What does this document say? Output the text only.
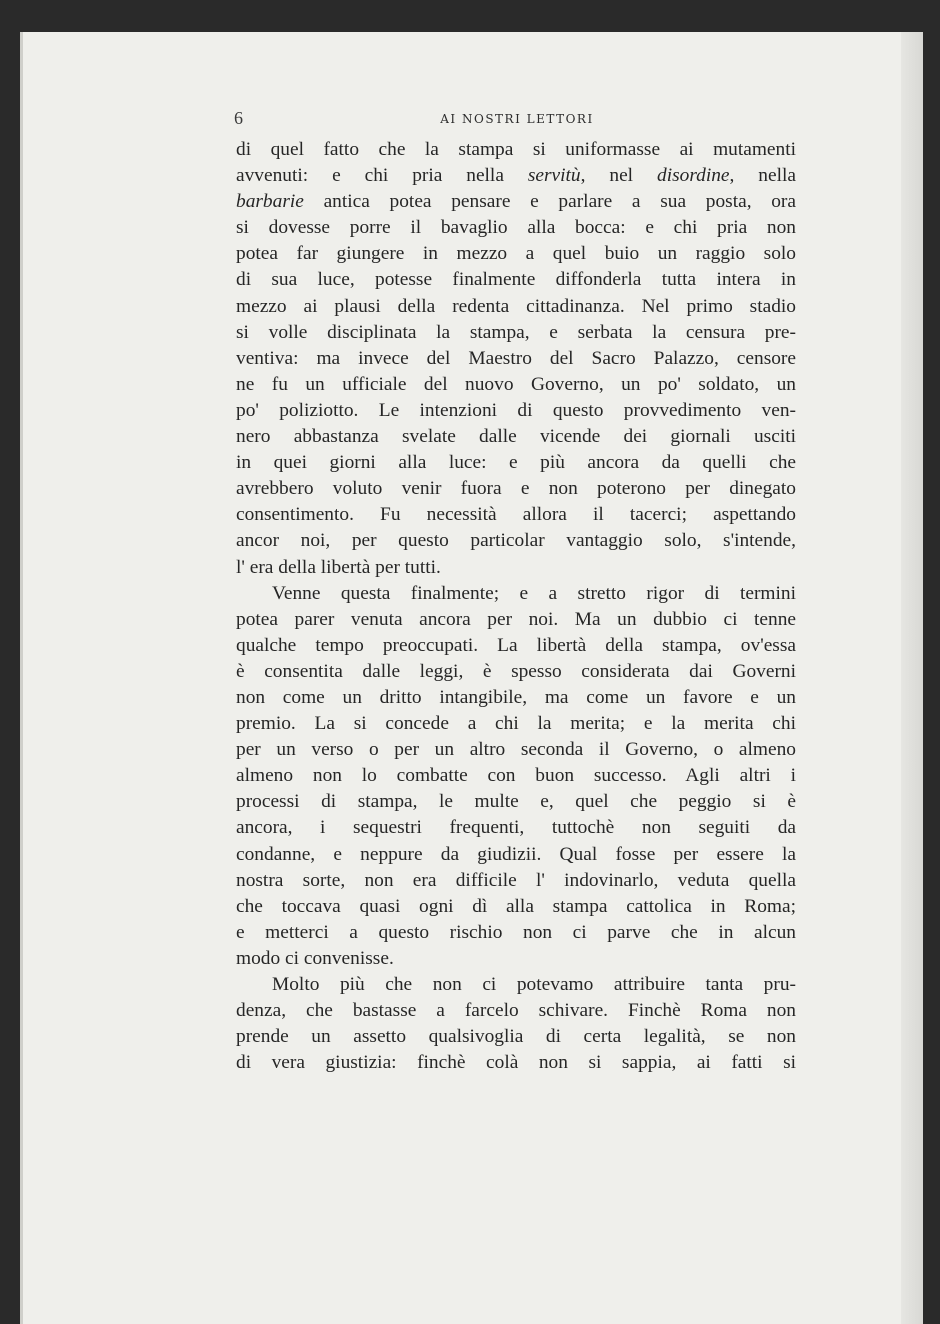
6	AI NOSTRI LETTORI
di quel fatto che la stampa si uniformasse ai mutamenti
avvenuti: e chi pria nella servitù, nel disordine, nella
barbarie antica potea pensare e parlare a sua posta, ora
si dovesse porre il bavaglio alla bocca: e chi pria non
potea far giungere in mezzo a quel buio un raggio solo
di sua luce, potesse finalmente diffonderla tutta intera in
mezzo ai plausi della redenta cittadinanza. Nel primo stadio
si volle disciplinata la stampa, e serbata la censura pre-
ventiva: ma invece del Maestro del Sacro Palazzo, censore
ne fu un ufficiale del nuovo Governo, un po' soldato, un
po' poliziotto. Le intenzioni di questo provvedimento ven-
nero abbastanza svelate dalle vicende dei giornali usciti
in quei giorni alla luce: e più ancora da quelli che
avrebbero voluto venir fuora e non poterono per dinegato
consentimento. Fu necessità allora il tacerci; aspettando
ancor noi, per questo particolar vantaggio solo, s'intende,
l' era della libertà per tutti.
Venne questa finalmente; e a stretto rigor di termini
potea parer venuta ancora per noi. Ma un dubbio ci tenne
qualche tempo preoccupati. La libertà della stampa, ov'essa
è consentita dalle leggi, è spesso considerata dai Governi
non come un dritto intangibile, ma come un favore e un
premio. La si concede a chi la merita; e la merita chi
per un verso o per un altro seconda il Governo, o almeno
almeno non lo combatte con buon successo. Agli altri i
processi di stampa, le multe e, quel che peggio si è
ancora, i sequestri frequenti, tuttochè non seguiti da
condanne, e neppure da giudizii. Qual fosse per essere la
nostra sorte, non era difficile l' indovinarlo, veduta quella
che toccava quasi ogni dì alla stampa cattolica in Roma;
e metterci a questo rischio non ci parve che in alcun
modo ci convenisse.
Molto più che non ci potevamo attribuire tanta pru-
denza, che bastasse a farcelo schivare. Finchè Roma non
prende un assetto qualsivoglia di certa legalità, se non
di vera giustizia: finchè colà non si sappia, ai fatti si
